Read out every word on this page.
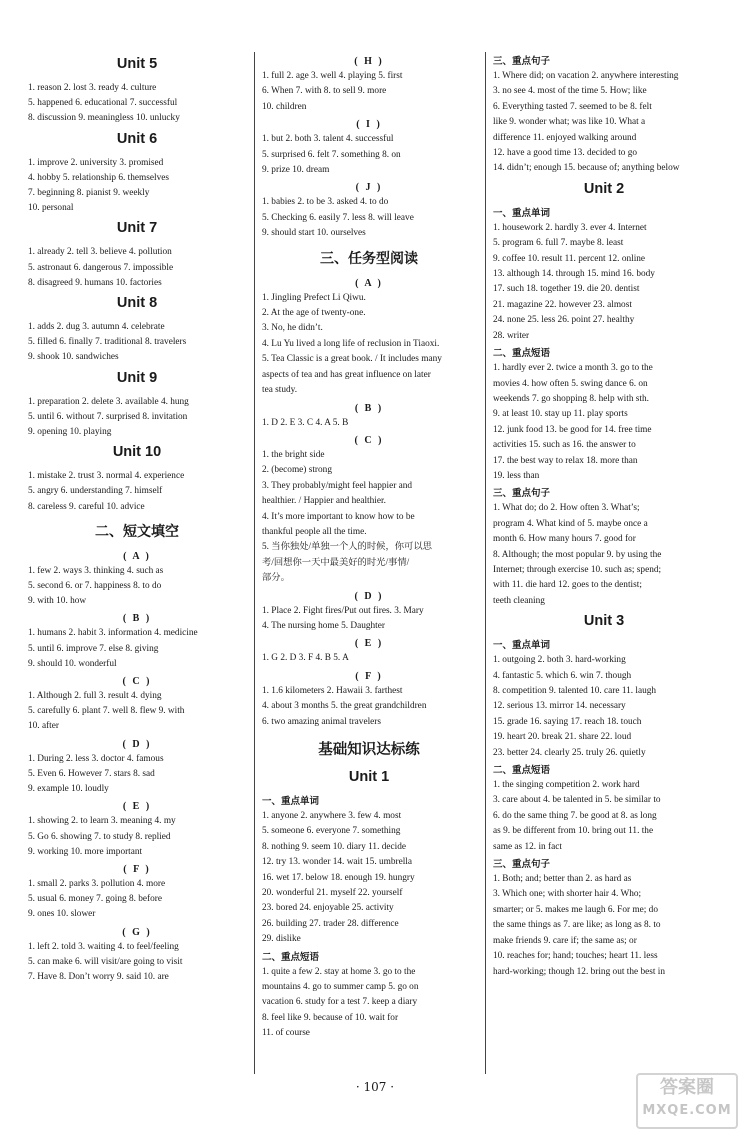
Unit 5
1. reason 2. lost 3. ready 4. culture
5. happened 6. educational 7. successful
8. discussion 9. meaningless 10. unlucky
Unit 6
1. improve 2. university 3. promised
4. hobby 5. relationship 6. themselves
7. beginning 8. pianist 9. weekly
10. personal
Unit 7
1. already 2. tell 3. believe 4. pollution
5. astronaut 6. dangerous 7. impossible
8. disagreed 9. humans 10. factories
Unit 8
1. adds 2. dug 3. autumn 4. celebrate
5. filled 6. finally 7. traditional 8. travelers
9. shook 10. sandwiches
Unit 9
1. preparation 2. delete 3. available 4. hung
5. until 6. without 7. surprised 8. invitation
9. opening 10. playing
Unit 10
1. mistake 2. trust 3. normal 4. experience
5. angry 6. understanding 7. himself
8. careless 9. careful 10. advice
二、短文填空
( A )
1. few 2. ways 3. thinking 4. such as
5. second 6. or 7. happiness 8. to do
9. with 10. how
( B )
1. humans 2. habit 3. information 4. medicine
5. until 6. improve 7. else 8. giving
9. should 10. wonderful
( C )
1. Although 2. full 3. result 4. dying
5. carefully 6. plant 7. well 8. flew 9. with
10. after
( D )
1. During 2. less 3. doctor 4. famous
5. Even 6. However 7. stars 8. sad
9. example 10. loudly
( E )
1. showing 2. to learn 3. meaning 4. my
5. Go 6. showing 7. to study 8. replied
9. working 10. more important
( F )
1. small 2. parks 3. pollution 4. more
5. usual 6. money 7. going 8. before
9. ones 10. slower
( G )
1. left 2. told 3. waiting 4. to feel/feeling
5. can make 6. will visit/are going to visit
7. Have 8. Don’t worry 9. said 10. are
( H )
1. full 2. age 3. well 4. playing 5. first
6. When 7. with 8. to sell 9. more
10. children
( I )
1. but 2. both 3. talent 4. successful
5. surprised 6. felt 7. something 8. on
9. prize 10. dream
( J )
1. babies 2. to be 3. asked 4. to do
5. Checking 6. easily 7. less 8. will leave
9. should start 10. ourselves
三、任务型阅读
( A )
1. Jingling Prefect Li Qiwu.
2. At the age of twenty-one.
3. No, he didn’t.
4. Lu Yu lived a long life of reclusion in Tiaoxi.
5. Tea Classic is a great book. / It includes many
aspects of tea and has great influence on later
tea study.
( B )
1. D 2. E 3. C 4. A 5. B
( C )
1. the bright side
2. (become) strong
3. They probably/might feel happier and
healthier. / Happier and healthier.
4. It’s more important to know how to be
thankful people all the time.
5. 当你独处/单独一个人的时候，你可以思
考/回想你一天中最美好的时光/事情/
部分。
( D )
1. Place 2. Fight fires/Put out fires. 3. Mary
4. The nursing home 5. Daughter
( E )
1. G 2. D 3. F 4. B 5. A
( F )
1. 1.6 kilometers 2. Hawaii 3. farthest
4. about 3 months 5. the great grandchildren
6. two amazing animal travelers
基础知识达标练
Unit 1
一、重点单词
1. anyone 2. anywhere 3. few 4. most
5. someone 6. everyone 7. something
8. nothing 9. seem 10. diary 11. decide
12. try 13. wonder 14. wait 15. umbrella
16. wet 17. below 18. enough 19. hungry
20. wonderful 21. myself 22. yourself
23. bored 24. enjoyable 25. activity
26. building 27. trader 28. difference
29. dislike
二、重点短语
1. quite a few 2. stay at home 3. go to the
mountains 4. go to summer camp 5. go on
vacation 6. study for a test 7. keep a diary
8. feel like 9. because of 10. wait for
11. of course
三、重点句子
1. Where did; on vacation 2. anywhere interesting
3. no see 4. most of the time 5. How; like
6. Everything tasted 7. seemed to be 8. felt
like 9. wonder what; was like 10. What a
difference 11. enjoyed walking around
12. have a good time 13. decided to go
14. didn’t; enough 15. because of; anything below
Unit 2
一、重点单词
1. housework 2. hardly 3. ever 4. Internet
5. program 6. full 7. maybe 8. least
9. coffee 10. result 11. percent 12. online
13. although 14. through 15. mind 16. body
17. such 18. together 19. die 20. dentist
21. magazine 22. however 23. almost
24. none 25. less 26. point 27. healthy
28. writer
二、重点短语
1. hardly ever 2. twice a month 3. go to the
movies 4. how often 5. swing dance 6. on
weekends 7. go shopping 8. help with sth.
9. at least 10. stay up 11. play sports
12. junk food 13. be good for 14. free time
activities 15. such as 16. the answer to
17. the best way to relax 18. more than
19. less than
三、重点句子
1. What do; do 2. How often 3. What’s;
program 4. What kind of 5. maybe once a
month 6. How many hours 7. good for
8. Although; the most popular 9. by using the
Internet; through exercise 10. such as; spend;
with 11. die hard 12. goes to the dentist;
teeth cleaning
Unit 3
一、重点单词
1. outgoing 2. both 3. hard-working
4. fantastic 5. which 6. win 7. though
8. competition 9. talented 10. care 11. laugh
12. serious 13. mirror 14. necessary
15. grade 16. saying 17. reach 18. touch
19. heart 20. break 21. share 22. loud
23. better 24. clearly 25. truly 26. quietly
二、重点短语
1. the singing competition 2. work hard
3. care about 4. be talented in 5. be similar to
6. do the same thing 7. be good at 8. as long
as 9. be different from 10. bring out 11. the
same as 12. in fact
三、重点句子
1. Both; and; better than 2. as hard as
3. Which one; with shorter hair 4. Who;
smarter; or 5. makes me laugh 6. For me; do
the same things as 7. are like; as long as 8. to
make friends 9. care if; the same as; or
10. reaches for; hand; touches; heart 11. less
hard-working; though 12. bring out the best in
· 107 ·	答案圈
MXQE.COM
